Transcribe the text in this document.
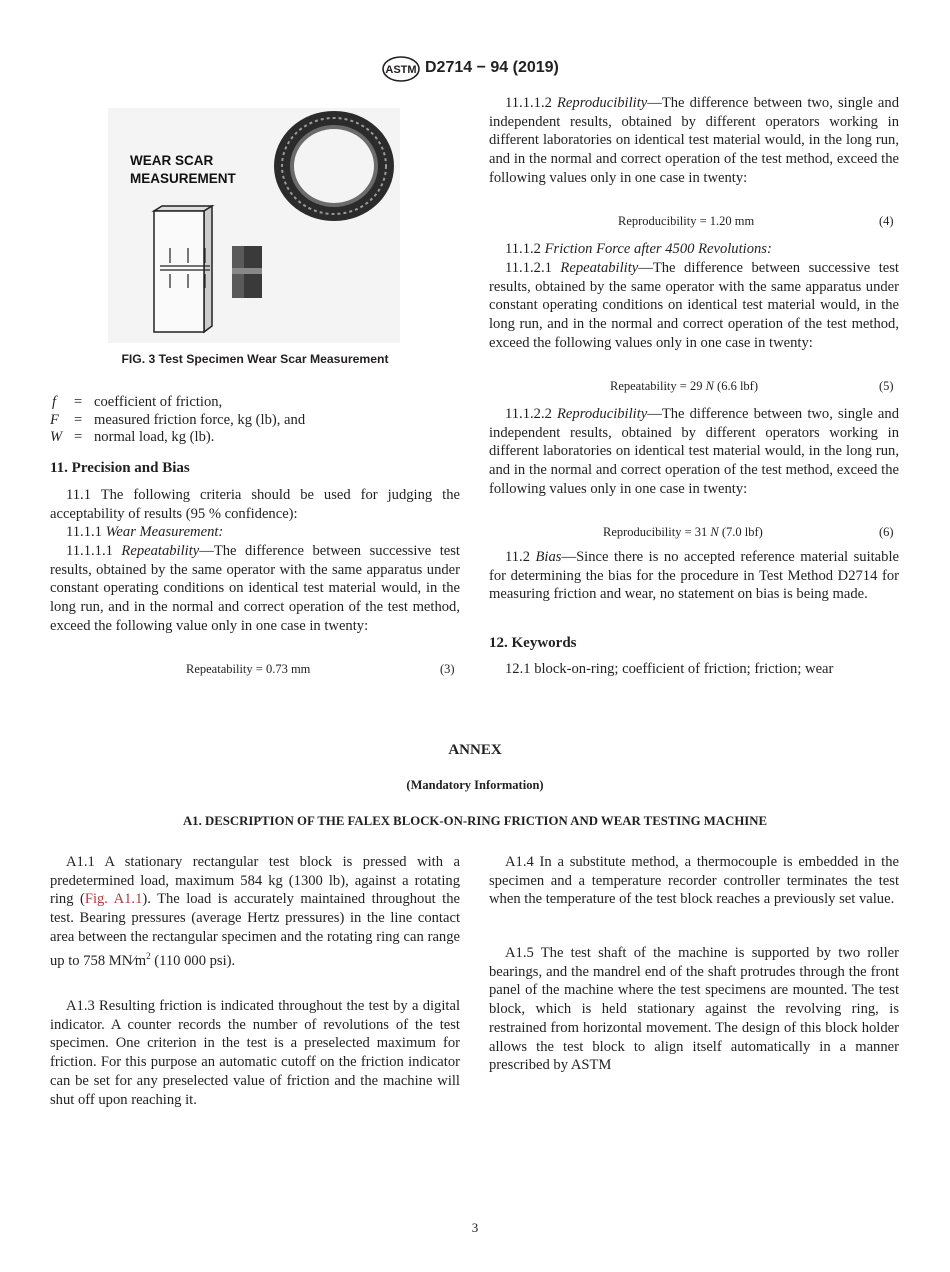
ASTM D2714 − 94 (2019)
WEAR SCAR
MEASUREMENT
FIG. 3 Test Specimen Wear Scar Measurement
f = coefficient of friction,
F = measured friction force, kg (lb), and
W = normal load, kg (lb).
11. Precision and Bias

11.1 The following criteria should be used for judging the acceptability of results (95 % confidence):

11.1.1 Wear Measurement:

11.1.1.1 Repeatability—The difference between successive test results, obtained by the same operator with the same apparatus under constant operating conditions on identical test material would, in the long run, and in the normal and correct operation of the test method, exceed the following value only in one case in twenty:

Repeatability = 0.73 mm	(3)

11.1.1.2 Reproducibility—The difference between two, single and independent results, obtained by different operators working in different laboratories on identical test material would, in the long run, and in the normal and correct operation of the test method, exceed the following values only in one case in twenty:

Reproducibility = 1.20 mm	(4)

11.1.2 Friction Force after 4500 Revolutions:

11.1.2.1 Repeatability—The difference between successive test results, obtained by the same operator with the same apparatus under constant operating conditions on identical test material would, in the long run, and in the normal and correct operation of the test method, exceed the following values only in one case in twenty:

Repeatability = 29 N (6.6 lbf)	(5)

11.1.2.2 Reproducibility—The difference between two, single and independent results, obtained by different operators working in different laboratories on identical test material would, in the long run, and in the normal and correct operation of the test method, exceed the following values only in one case in twenty:

Reproducibility = 31 N (7.0 lbf)	(6)

11.2 Bias—Since there is no accepted reference material suitable for determining the bias for the procedure in Test Method D2714 for measuring friction and wear, no statement on bias is being made.

12. Keywords

12.1 block-on-ring; coefficient of friction; friction; wear

ANNEX
(Mandatory Information)
A1. DESCRIPTION OF THE FALEX BLOCK-ON-RING FRICTION AND WEAR TESTING MACHINE

A1.1 A stationary rectangular test block is pressed with a predetermined load, maximum 584 kg (1300 lb), against a rotating ring (Fig. A1.1). The load is accurately maintained throughout the test. Bearing pressures (average Hertz pressures) in the line contact area between the rectangular specimen and the rotating ring can range up to 758 $MN⁄m^2$ (110 000 psi).

A1.3 Resulting friction is indicated throughout the test by a digital indicator. A counter records the number of revolutions of the test specimen. One criterion in the test is a preselected maximum for friction. For this purpose an automatic cutoff on the friction indicator can be set for any preselected value of friction and the machine will shut off upon reaching it.

A1.4 In a substitute method, a thermocouple is embedded in the specimen and a temperature recorder controller terminates the test when the temperature of the test block reaches a previously set value.

A1.5 The test shaft of the machine is supported by two roller bearings, and the mandrel end of the shaft protrudes through the front panel of the machine where the test specimens are mounted. The test block, which is held stationary against the revolving ring, is restrained from horizontal movement. The design of this block holder allows the test block to align itself automatically in a manner prescribed by ASTM

3
